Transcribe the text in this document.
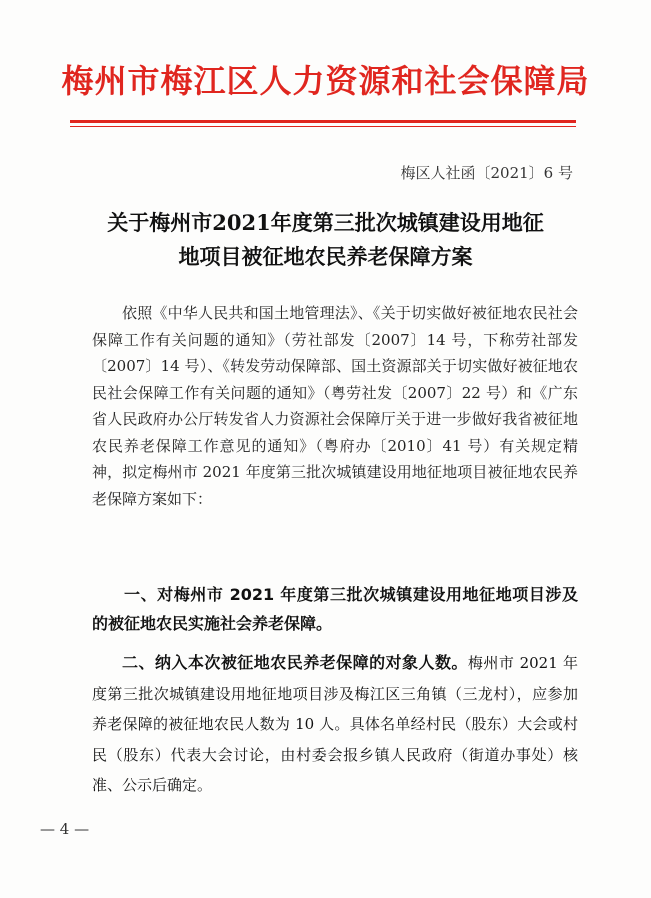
梅州市梅江区人力资源和社会保障局
梅区人社函〔2021〕6 号
关于梅州市2021年度第三批次城镇建设用地征
地项目被征地农民养老保障方案

依照《中华人民共和国土地管理法》、《关于切实做好被征地农民社会保障工作有关问题的通知》（劳社部发〔2007〕14 号，下称劳社部发〔2007〕14 号）、《转发劳动保障部、国土资源部关于切实做好被征地农民社会保障工作有关问题的通知》（粤劳社发〔2007〕22 号）和《广东省人民政府办公厅转发省人力资源社会保障厅关于进一步做好我省被征地农民养老保障工作意见的通知》（粤府办〔2010〕41 号）有关规定精神，拟定梅州市 2021 年度第三批次城镇建设用地征地项目被征地农民养老保障方案如下：

一、对梅州市 2021 年度第三批次城镇建设用地征地项目涉及的被征地农民实施社会养老保障。

二、纳入本次被征地农民养老保障的对象人数。梅州市 2021 年度第三批次城镇建设用地征地项目涉及梅江区三角镇（三龙村），应参加养老保障的被征地农民人数为 10 人。具体名单经村民（股东）大会或村民（股东）代表大会讨论，由村委会报乡镇人民政府（街道办事处）核准、公示后确定。

— 4 —
